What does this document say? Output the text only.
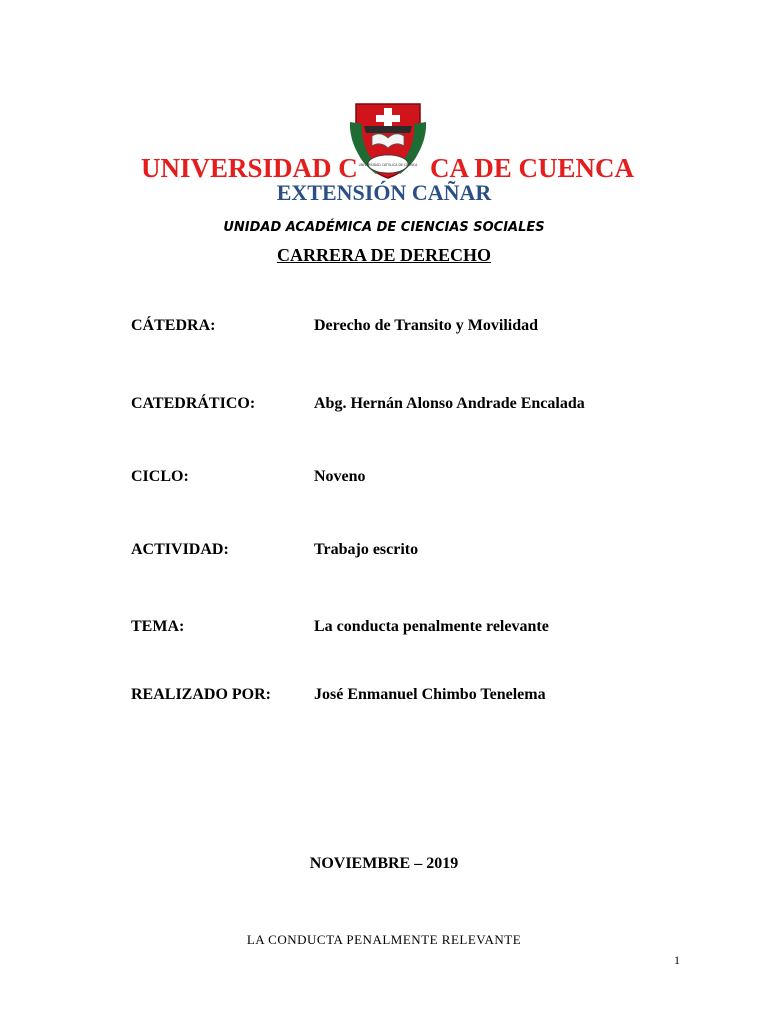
UNIVERSIDAD CATÓLICA DE CUENCA
UNIVERSIDAD C	CA DE CUENCA
EXTENSIÓN CAÑAR
UNIDAD ACADÉMICA DE CIENCIAS SOCIALES
CARRERA DE DERECHO
CÁTEDRA:	Derecho de Transito y Movilidad
CATEDRÁTICO:	Abg. Hernán Alonso Andrade Encalada
CICLO:	Noveno
ACTIVIDAD:	Trabajo escrito
TEMA:	La conducta penalmente relevante
REALIZADO POR:	José Enmanuel Chimbo Tenelema
NOVIEMBRE – 2019
LA CONDUCTA PENALMENTE RELEVANTE
1
